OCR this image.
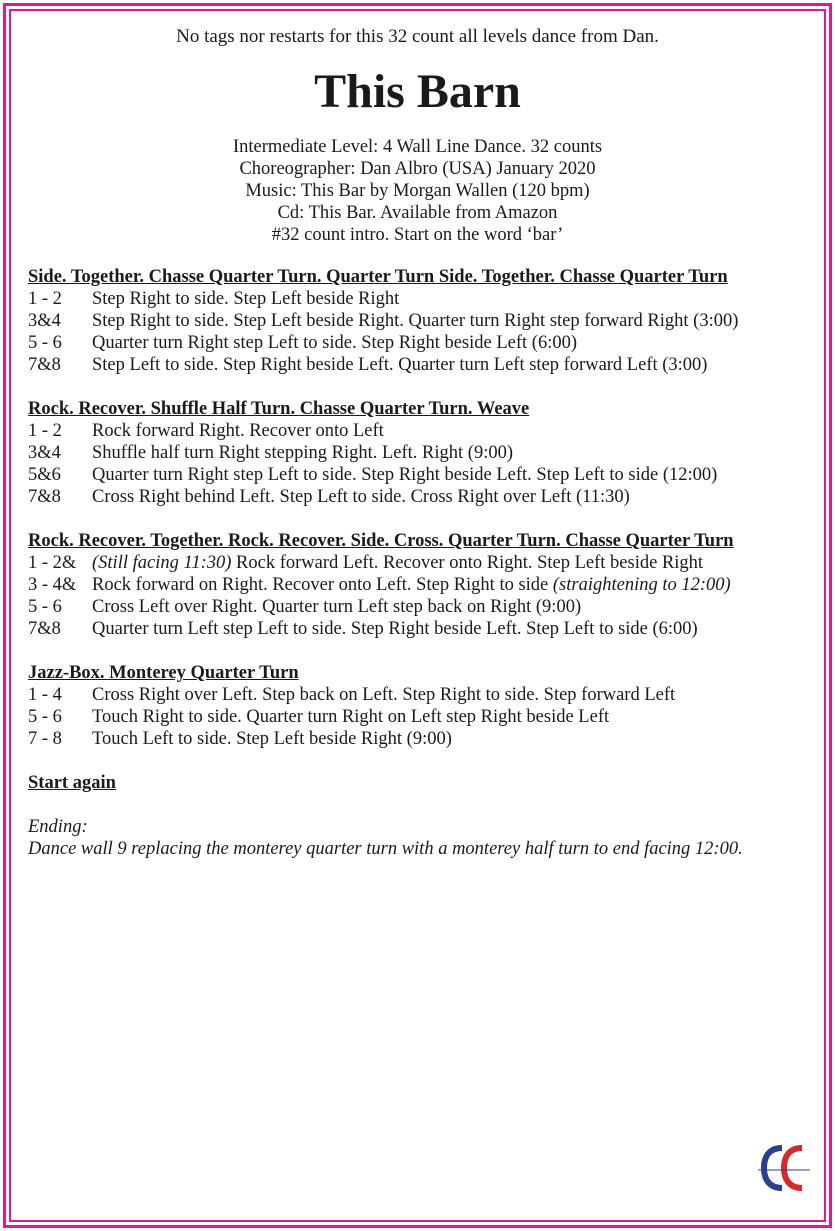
No tags nor restarts for this 32 count all levels dance from Dan.
This Barn
Intermediate Level: 4 Wall Line Dance. 32 counts
Choreographer: Dan Albro (USA) January 2020
Music: This Bar by Morgan Wallen (120 bpm)
Cd: This Bar. Available from Amazon
#32 count intro. Start on the word ‘bar’
Side. Together. Chasse Quarter Turn. Quarter Turn Side. Together. Chasse Quarter Turn
1 - 2	Step Right to side. Step Left beside Right
3&4	Step Right to side. Step Left beside Right. Quarter turn Right step forward Right (3:00)
5 - 6	Quarter turn Right step Left to side. Step Right beside Left (6:00)
7&8	Step Left to side. Step Right beside Left. Quarter turn Left step forward Left (3:00)
Rock. Recover. Shuffle Half Turn. Chasse Quarter Turn. Weave
1 - 2	Rock forward Right. Recover onto Left
3&4	Shuffle half turn Right stepping Right. Left. Right (9:00)
5&6	Quarter turn Right step Left to side. Step Right beside Left. Step Left to side (12:00)
7&8	Cross Right behind Left. Step Left to side. Cross Right over Left (11:30)
Rock. Recover. Together. Rock. Recover. Side. Cross. Quarter Turn. Chasse Quarter Turn
1 - 2& (Still facing 11:30) Rock forward Left. Recover onto Right. Step Left beside Right
3 - 4& Rock forward on Right. Recover onto Left. Step Right to side (straightening to 12:00)
5 - 6	Cross Left over Right. Quarter turn Left step back on Right (9:00)
7&8	Quarter turn Left step Left to side. Step Right beside Left. Step Left to side (6:00)
Jazz-Box. Monterey Quarter Turn
1 - 4	Cross Right over Left. Step back on Left. Step Right to side. Step forward Left
5 - 6	Touch Right to side. Quarter turn Right on Left step Right beside Left
7 - 8	Touch Left to side. Step Left beside Right (9:00)
Start again
Ending:
Dance wall 9 replacing the monterey quarter turn with a monterey half turn to end facing 12:00.
